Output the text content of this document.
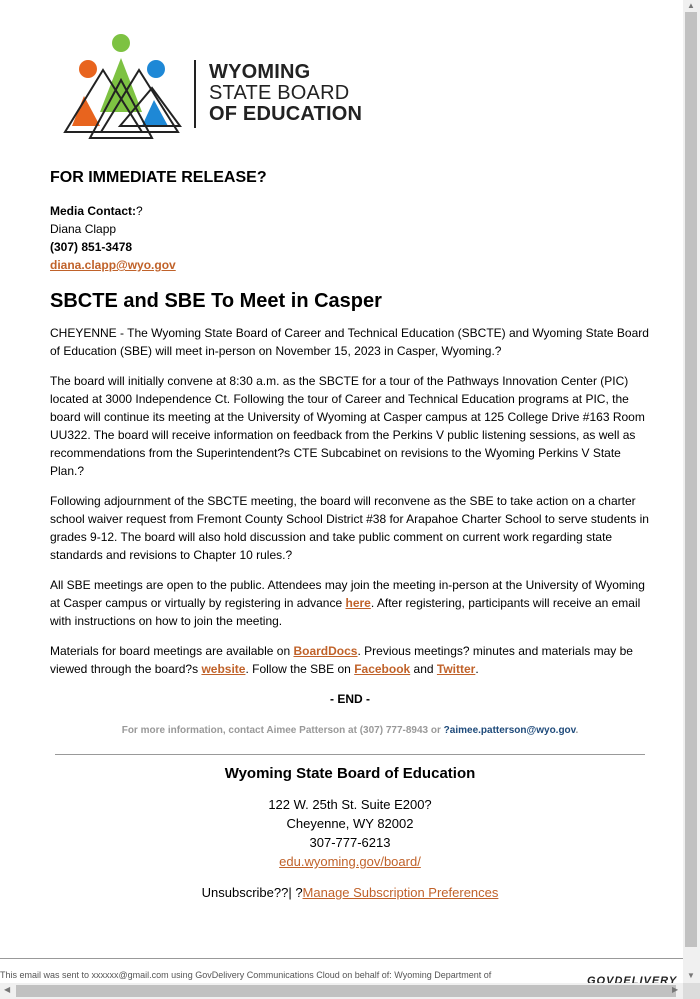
WYOMING
STATE BOARD
OF EDUCATION
FOR IMMEDIATE RELEASE?
Media Contact:?
Diana Clapp
(307) 851-3478
diana.clapp@wyo.gov
SBCTE and SBE To Meet in Casper

CHEYENNE - The Wyoming State Board of Career and Technical Education (SBCTE) and Wyoming State Board of Education (SBE) will meet in-person on November 15, 2023 in Casper, Wyoming.?

The board will initially convene at 8:30 a.m. as the SBCTE for a tour of the Pathways Innovation Center (PIC) located at 3000 Independence Ct. Following the tour of Career and Technical Education programs at PIC, the board will continue its meeting at the University of Wyoming at Casper campus at 125 College Drive #163 Room UU322. The board will receive information on feedback from the Perkins V public listening sessions, as well as recommendations from the Superintendent?s CTE Subcabinet on revisions to the Wyoming Perkins V State Plan.?

Following adjournment of the SBCTE meeting, the board will reconvene as the SBE to take action on a charter school waiver request from Fremont County School District #38 for Arapahoe Charter School to serve students in grades 9-12. The board will also hold discussion and take public comment on current work regarding state standards and revisions to Chapter 10 rules.?

All SBE meetings are open to the public. Attendees may join the meeting in-person at the University of Wyoming at Casper campus or virtually by registering in advance here. After registering, participants will receive an email with instructions on how to join the meeting.

Materials for board meetings are available on BoardDocs. Previous meetings? minutes and materials may be viewed through the board?s website. Follow the SBE on Facebook and Twitter.

- END -
For more information, contact Aimee Patterson at (307) 777-8943 or ?aimee.patterson@wyo.gov.
Wyoming State Board of Education
122 W. 25th St. Suite E200?
Cheyenne, WY 82002
307-777-6213
edu.wyoming.gov/board/
Unsubscribe??| ?Manage Subscription Preferences
This email was sent to xxxxxx@gmail.com using GovDelivery Communications Cloud on behalf of: Wyoming Department of	GOVDELIVERY
▲
▼
◀	▶
